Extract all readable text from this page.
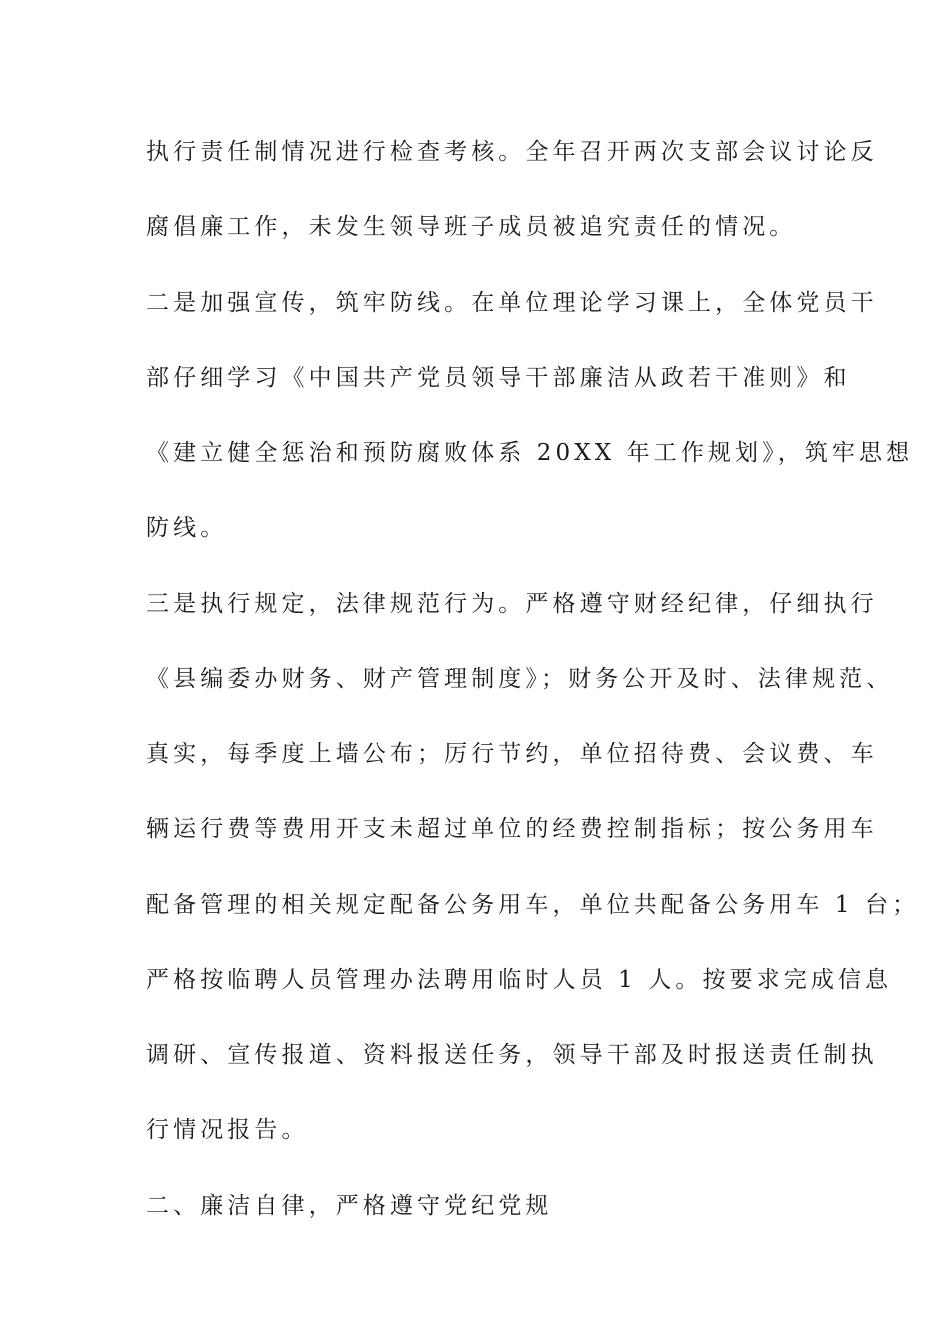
执行责任制情况进行检查考核。全年召开两次支部会议讨论反
腐倡廉工作，未发生领导班子成员被追究责任的情况。
二是加强宣传，筑牢防线。在单位理论学习课上，全体党员干
部仔细学习《中国共产党员领导干部廉洁从政若干准则》和
《建立健全惩治和预防腐败体系 20XX 年工作规划》，筑牢思想
防线。
三是执行规定，法律规范行为。严格遵守财经纪律，仔细执行
《县编委办财务、财产管理制度》；财务公开及时、法律规范、
真实，每季度上墙公布；厉行节约，单位招待费、会议费、车
辆运行费等费用开支未超过单位的经费控制指标；按公务用车
配备管理的相关规定配备公务用车，单位共配备公务用车 1 台；
严格按临聘人员管理办法聘用临时人员 1 人。按要求完成信息
调研、宣传报道、资料报送任务，领导干部及时报送责任制执
行情况报告。
二、廉洁自律，严格遵守党纪党规
